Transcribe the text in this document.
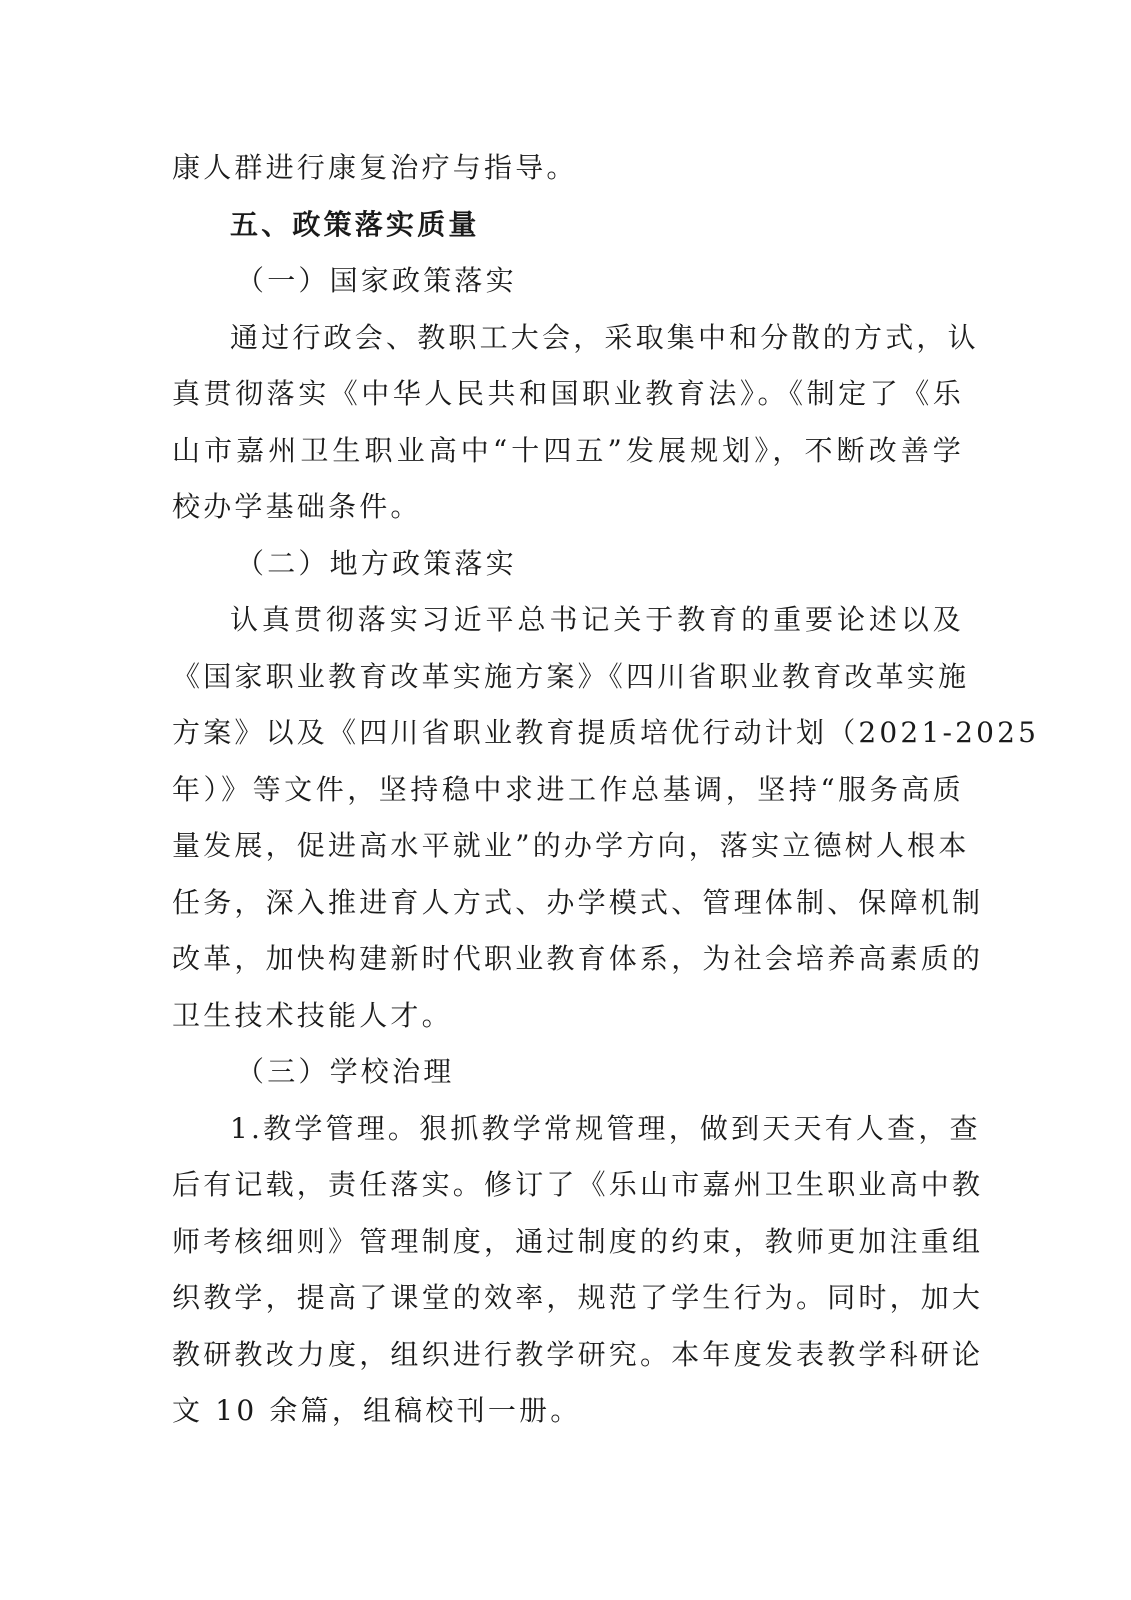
康人群进行康复治疗与指导。
五、政策落实质量
（一）国家政策落实
通过行政会、教职工大会，采取集中和分散的方式，认
真贯彻落实《中华人民共和国职业教育法》。《制定了《乐
山市嘉州卫生职业高中“十四五”发展规划》，不断改善学
校办学基础条件。
（二）地方政策落实
认真贯彻落实习近平总书记关于教育的重要论述以及
《国家职业教育改革实施方案》《四川省职业教育改革实施
方案》以及《四川省职业教育提质培优行动计划（2021-2025
年）》等文件，坚持稳中求进工作总基调，坚持“服务高质
量发展，促进高水平就业”的办学方向，落实立德树人根本
任务，深入推进育人方式、办学模式、管理体制、保障机制
改革，加快构建新时代职业教育体系，为社会培养高素质的
卫生技术技能人才。
（三）学校治理
1.教学管理。狠抓教学常规管理，做到天天有人查，查
后有记载，责任落实。修订了《乐山市嘉州卫生职业高中教
师考核细则》管理制度，通过制度的约束，教师更加注重组
织教学，提高了课堂的效率，规范了学生行为。同时，加大
教研教改力度，组织进行教学研究。本年度发表教学科研论
文 10 余篇，组稿校刊一册。
